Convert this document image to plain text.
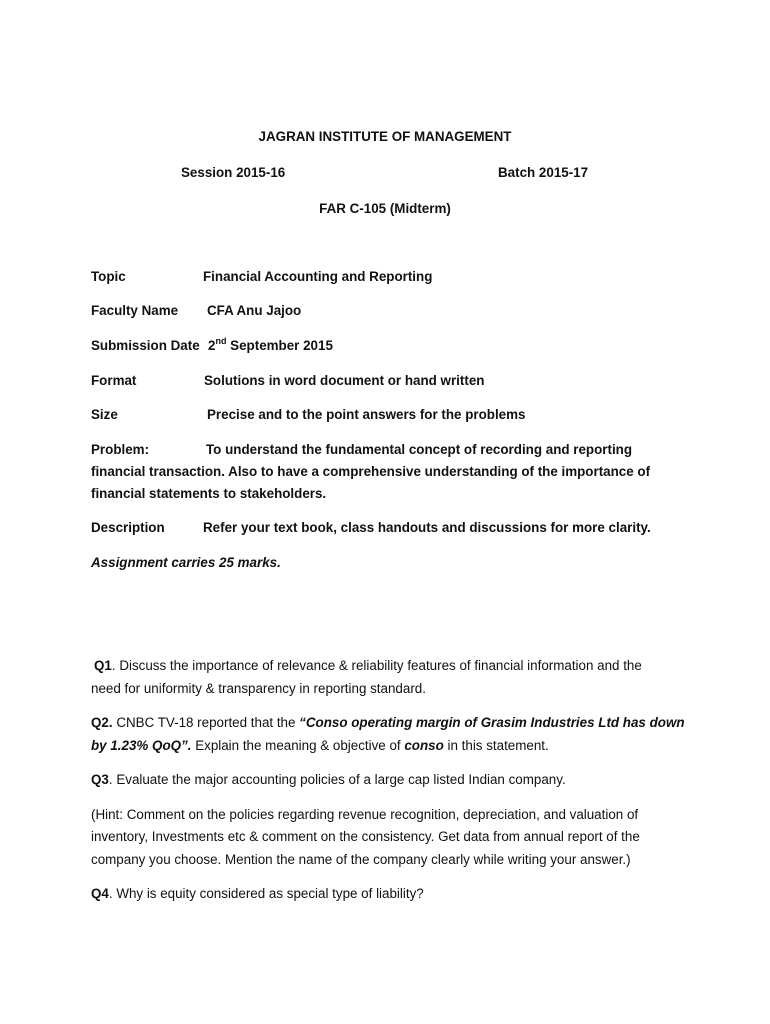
JAGRAN INSTITUTE OF MANAGEMENT
Session 2015-16	Batch 2015-17
FAR C-105 (Midterm)
Topic	Financial Accounting and Reporting
Faculty Name CFA Anu Jajoo
Submission Date 2nd September 2015
Format	Solutions in word document or hand written
Size	Precise and to the point answers for the problems
Problem:	To understand the fundamental concept of recording and reporting
financial transaction. Also to have a comprehensive understanding of the importance of
financial statements to stakeholders.
Description	Refer your text book, class handouts and discussions for more clarity.
Assignment carries 25 marks.
Q1. Discuss the importance of relevance & reliability features of financial information and the
need for uniformity & transparency in reporting standard.
Q2. CNBC TV-18 reported that the “Conso operating margin of Grasim Industries Ltd has down
by 1.23% QoQ”. Explain the meaning & objective of conso in this statement.
Q3. Evaluate the major accounting policies of a large cap listed Indian company.
(Hint: Comment on the policies regarding revenue recognition, depreciation, and valuation of
inventory, Investments etc & comment on the consistency. Get data from annual report of the
company you choose. Mention the name of the company clearly while writing your answer.)
Q4. Why is equity considered as special type of liability?
